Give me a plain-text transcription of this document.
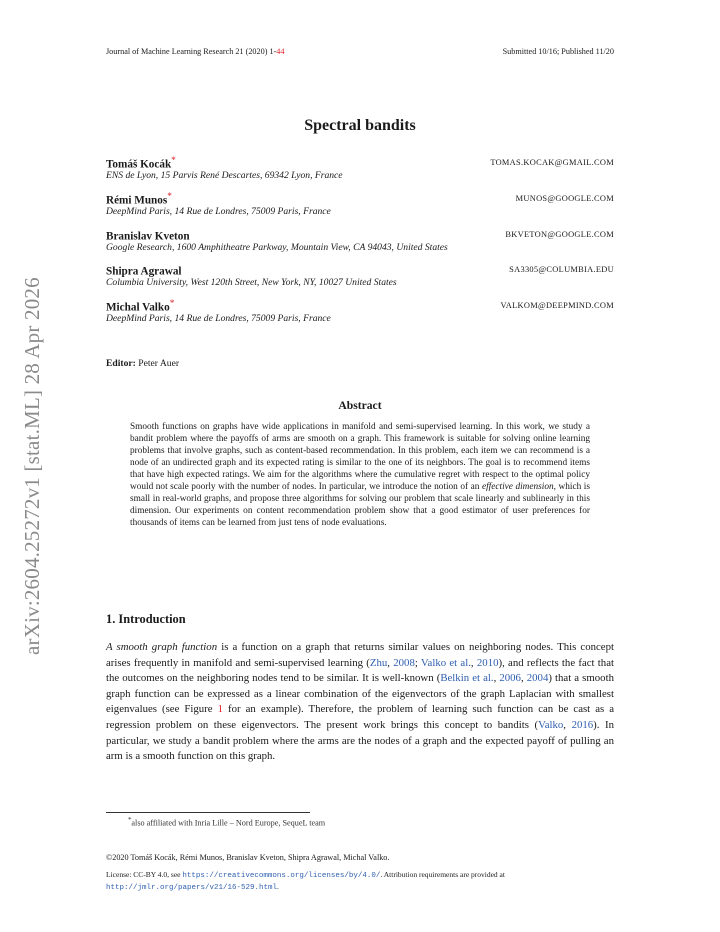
Journal of Machine Learning Research 21 (2020) 1-44	Submitted 10/16; Published 11/20
arXiv:2604.25272v1 [stat.ML] 28 Apr 2026
Spectral bandits
Tomáš Kocák*	TOMAS.KOCAK@GMAIL.COM
ENS de Lyon, 15 Parvis René Descartes, 69342 Lyon, France
Rémi Munos*	MUNOS@GOOGLE.COM
DeepMind Paris, 14 Rue de Londres, 75009 Paris, France
Branislav Kveton	BKVETON@GOOGLE.COM
Google Research, 1600 Amphitheatre Parkway, Mountain View, CA 94043, United States
Shipra Agrawal	SA3305@COLUMBIA.EDU
Columbia University, West 120th Street, New York, NY, 10027 United States
Michal Valko*	VALKOM@DEEPMIND.COM
DeepMind Paris, 14 Rue de Londres, 75009 Paris, France
Editor: Peter Auer
Abstract
Smooth functions on graphs have wide applications in manifold and semi-supervised learning. In this work, we study a bandit problem where the payoffs of arms are smooth on a graph. This framework is suitable for solving online learning problems that involve graphs, such as content-based recommendation. In this problem, each item we can recommend is a node of an undirected graph and its expected rating is similar to the one of its neighbors. The goal is to recommend items that have high expected ratings. We aim for the algorithms where the cumulative regret with respect to the optimal policy would not scale poorly with the number of nodes. In particular, we introduce the notion of an effective dimension, which is small in real-world graphs, and propose three algorithms for solving our problem that scale linearly and sublinearly in this dimension. Our experiments on content recommendation problem show that a good estimator of user preferences for thousands of items can be learned from just tens of node evaluations.
1. Introduction
A smooth graph function is a function on a graph that returns similar values on neighboring nodes. This concept arises frequently in manifold and semi-supervised learning (Zhu, 2008; Valko et al., 2010), and reflects the fact that the outcomes on the neighboring nodes tend to be similar. It is well-known (Belkin et al., 2006, 2004) that a smooth graph function can be expressed as a linear combination of the eigenvectors of the graph Laplacian with smallest eigenvalues (see Figure 1 for an example). Therefore, the problem of learning such function can be cast as a regression problem on these eigenvectors. The present work brings this concept to bandits (Valko, 2016). In particular, we study a bandit problem where the arms are the nodes of a graph and the expected payoff of pulling an arm is a smooth function on this graph.
*also affiliated with Inria Lille – Nord Europe, SequeL team
©2020 Tomáš Kocák, Rémi Munos, Branislav Kveton, Shipra Agrawal, Michal Valko.
License: CC-BY 4.0, see https://creativecommons.org/licenses/by/4.0/. Attribution requirements are provided at http://jmlr.org/papers/v21/16-529.html.
